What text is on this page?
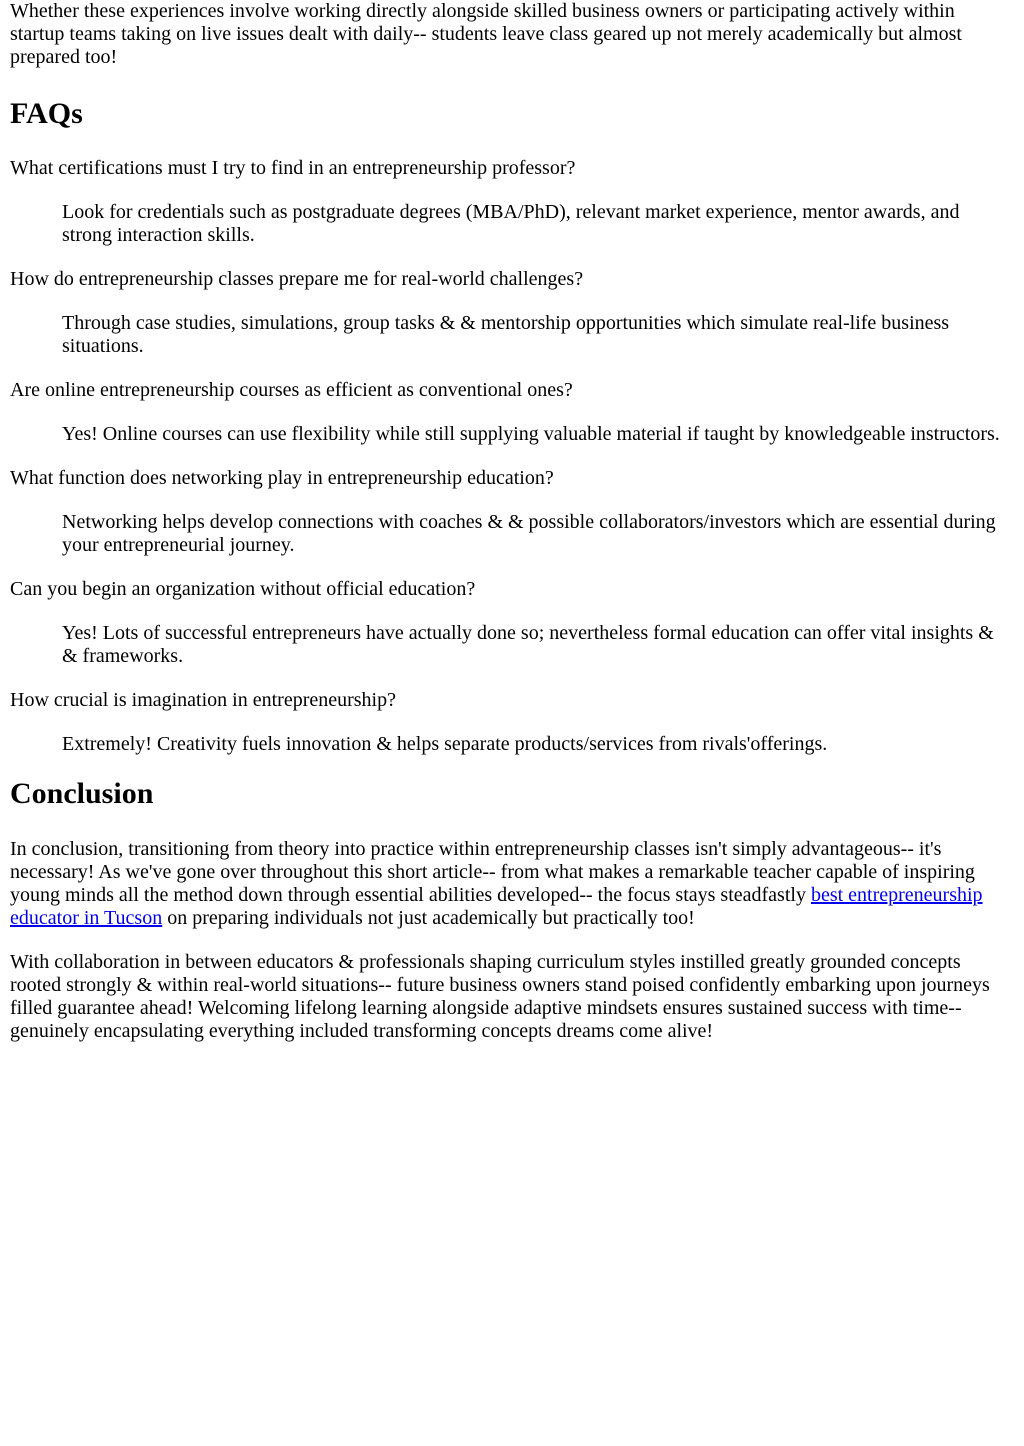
Whether these experiences involve working directly alongside skilled business owners or participating actively within startup teams taking on live issues dealt with daily-- students leave class geared up not merely academically but almost prepared too!

FAQs
What certifications must I try to find in an entrepreneurship professor?
Look for credentials such as postgraduate degrees (MBA/PhD), relevant market experience, mentor awards, and strong interaction skills.
How do entrepreneurship classes prepare me for real-world challenges?
Through case studies, simulations, group tasks & & mentorship opportunities which simulate real-life business situations.
Are online entrepreneurship courses as efficient as conventional ones?
Yes! Online courses can use flexibility while still supplying valuable material if taught by knowledgeable instructors.
What function does networking play in entrepreneurship education?
Networking helps develop connections with coaches & & possible collaborators/investors which are essential during your entrepreneurial journey.
Can you begin an organization without official education?
Yes! Lots of successful entrepreneurs have actually done so; nevertheless formal education can offer vital insights & & frameworks.
How crucial is imagination in entrepreneurship?
Extremely! Creativity fuels innovation & helps separate products/services from rivals'offerings.
Conclusion

In conclusion, transitioning from theory into practice within entrepreneurship classes isn't simply advantageous-- it's necessary! As we've gone over throughout this short article-- from what makes a remarkable teacher capable of inspiring young minds all the method down through essential abilities developed-- the focus stays steadfastly best entrepreneurship educator in Tucson on preparing individuals not just academically but practically too!

With collaboration in between educators & professionals shaping curriculum styles instilled greatly grounded concepts rooted strongly & within real-world situations-- future business owners stand poised confidently embarking upon journeys filled guarantee ahead! Welcoming lifelong learning alongside adaptive mindsets ensures sustained success with time-- genuinely encapsulating everything included transforming concepts dreams come alive!
